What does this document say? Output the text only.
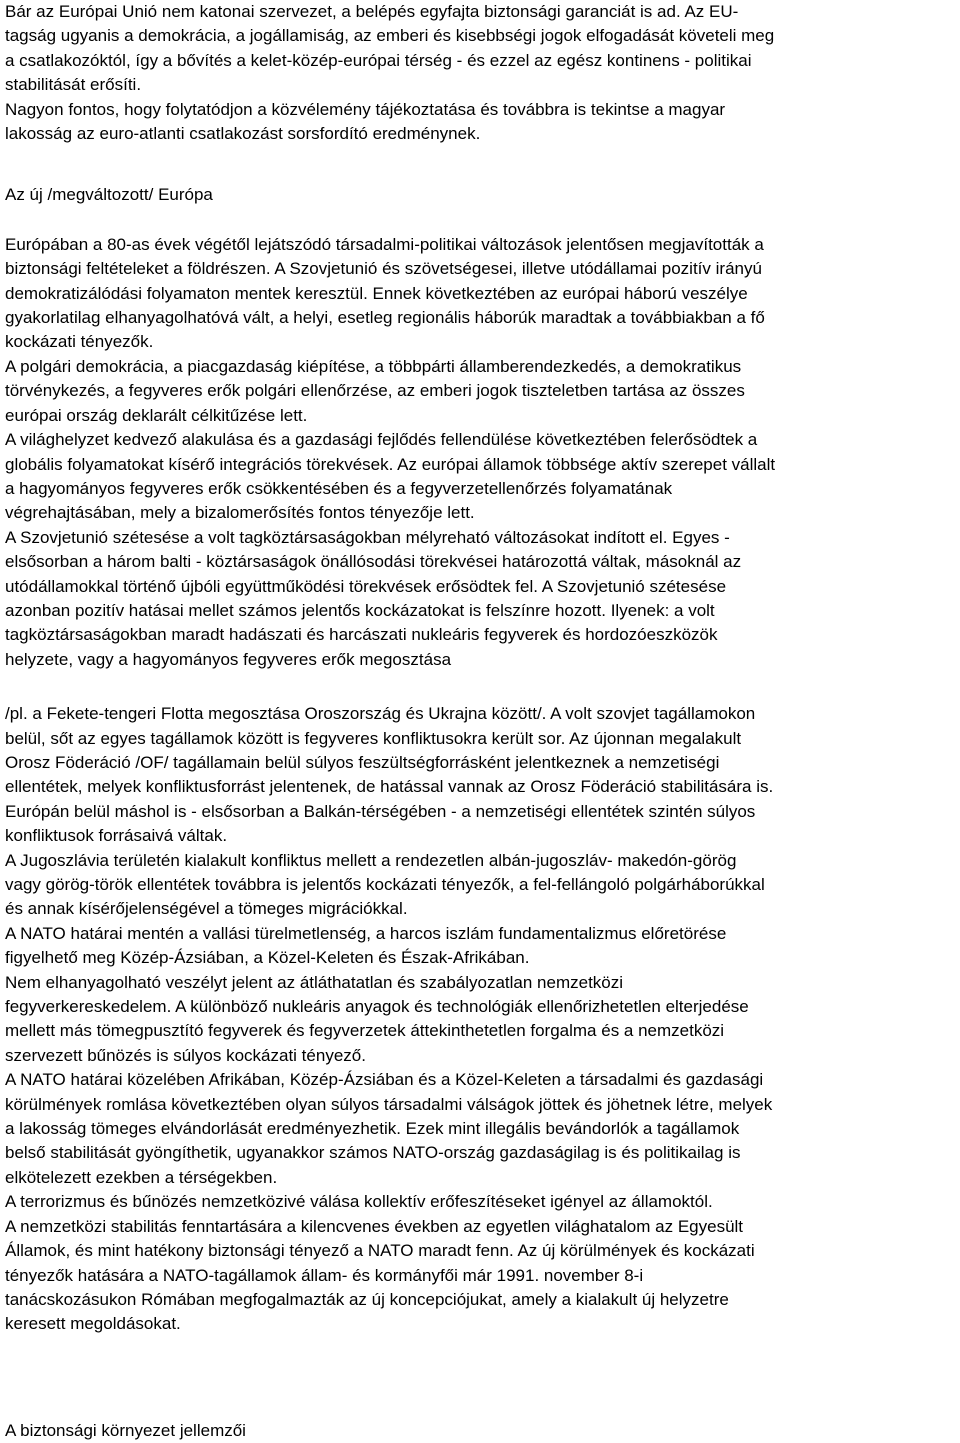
Bár az Európai Unió nem katonai szervezet, a belépés egyfajta biztonsági garanciát is ad. Az EU-

tagság ugyanis a demokrácia, a jogállamiság, az emberi és kisebbségi jogok elfogadását követeli meg

a csatlakozóktól, így a bővítés a kelet-közép-európai térség - és ezzel az egész kontinens - politikai

stabilitását erősíti.

Nagyon fontos, hogy folytatódjon a közvélemény tájékoztatása és továbbra is tekintse a magyar

lakosság az euro-atlanti csatlakozást sorsfordító eredménynek.

Az új /megváltozott/ Európa

Európában a 80-as évek végétől lejátszódó társadalmi-politikai változások jelentősen megjavították a

biztonsági feltételeket a földrészen. A Szovjetunió és szövetségesei, illetve utódállamai pozitív irányú

demokratizálódási folyamaton mentek keresztül. Ennek következtében az európai háború veszélye

gyakorlatilag elhanyagolhatóvá vált, a helyi, esetleg regionális háborúk maradtak a továbbiakban a fő

kockázati tényezők.

A polgári demokrácia, a piacgazdaság kiépítése, a többpárti államberendezkedés, a demokratikus

törvénykezés, a fegyveres erők polgári ellenőrzése, az emberi jogok tiszteletben tartása az összes

európai ország deklarált célkitűzése lett.

A világhelyzet kedvező alakulása és a gazdasági fejlődés fellendülése következtében felerősödtek a

globális folyamatokat kísérő integrációs törekvések. Az európai államok többsége aktív szerepet vállalt

a hagyományos fegyveres erők csökkentésében és a fegyverzetellenőrzés folyamatának

végrehajtásában, mely a bizalomerősítés fontos tényezője lett.

A Szovjetunió szétesése a volt tagköztársaságokban mélyreható változásokat indított el. Egyes -

elsősorban a három balti - köztársaságok önállósodási törekvései határozottá váltak, másoknál az

utódállamokkal történő újbóli együttműködési törekvések erősödtek fel. A Szovjetunió szétesése

azonban pozitív hatásai mellet számos jelentős kockázatokat is felszínre hozott. Ilyenek: a volt

tagköztársaságokban maradt hadászati és harcászati nukleáris fegyverek és hordozóeszközök

helyzete, vagy a hagyományos fegyveres erők megosztása

/pl. a Fekete-tengeri Flotta megosztása Oroszország és Ukrajna között/. A volt szovjet tagállamokon

belül, sőt az egyes tagállamok között is fegyveres konfliktusokra került sor. Az újonnan megalakult

Orosz Föderáció /OF/ tagállamain belül súlyos feszültségforrásként jelentkeznek a nemzetiségi

ellentétek, melyek konfliktusforrást jelentenek, de hatással vannak az Orosz Föderáció stabilitására is.

Európán belül máshol is - elsősorban a Balkán-térségében - a nemzetiségi ellentétek szintén súlyos

konfliktusok forrásaivá váltak.

A Jugoszlávia területén kialakult konfliktus mellett a rendezetlen albán-jugoszláv- makedón-görög

vagy görög-török ellentétek továbbra is jelentős kockázati tényezők, a fel-fellángoló polgárháborúkkal

és annak kísérőjelenségével a tömeges migrációkkal.

A NATO határai mentén a vallási türelmetlenség, a harcos iszlám fundamentalizmus előretörése

figyelhető meg Közép-Ázsiában, a Közel-Keleten és Észak-Afrikában.

Nem elhanyagolható veszélyt jelent az átláthatatlan és szabályozatlan nemzetközi

fegyverkereskedelem. A különböző nukleáris anyagok és technológiák ellenőrizhetetlen elterjedése

mellett más tömegpusztító fegyverek és fegyverzetek áttekinthetetlen forgalma és a nemzetközi

szervezett bűnözés is súlyos kockázati tényező.

A NATO határai közelében Afrikában, Közép-Ázsiában és a Közel-Keleten a társadalmi és gazdasági

körülmények romlása következtében olyan súlyos társadalmi válságok jöttek és jöhetnek létre, melyek

a lakosság tömeges elvándorlását eredményezhetik. Ezek mint illegális bevándorlók a tagállamok

belső stabilitását gyöngíthetik, ugyanakkor számos NATO-ország gazdaságilag is és politikailag is

elkötelezett ezekben a térségekben.

A terrorizmus és bűnözés nemzetközivé válása kollektív erőfeszítéseket igényel az államoktól.

A nemzetközi stabilitás fenntartására a kilencvenes években az egyetlen világhatalom az Egyesült

Államok, és mint hatékony biztonsági tényező a NATO maradt fenn. Az új körülmények és kockázati

tényezők hatására a NATO-tagállamok állam- és kormányfői már 1991. november 8-i

tanácskozásukon Rómában megfogalmazták az új koncepciójukat, amely a kialakult új helyzetre

keresett megoldásokat.

A biztonsági környezet jellemzői
